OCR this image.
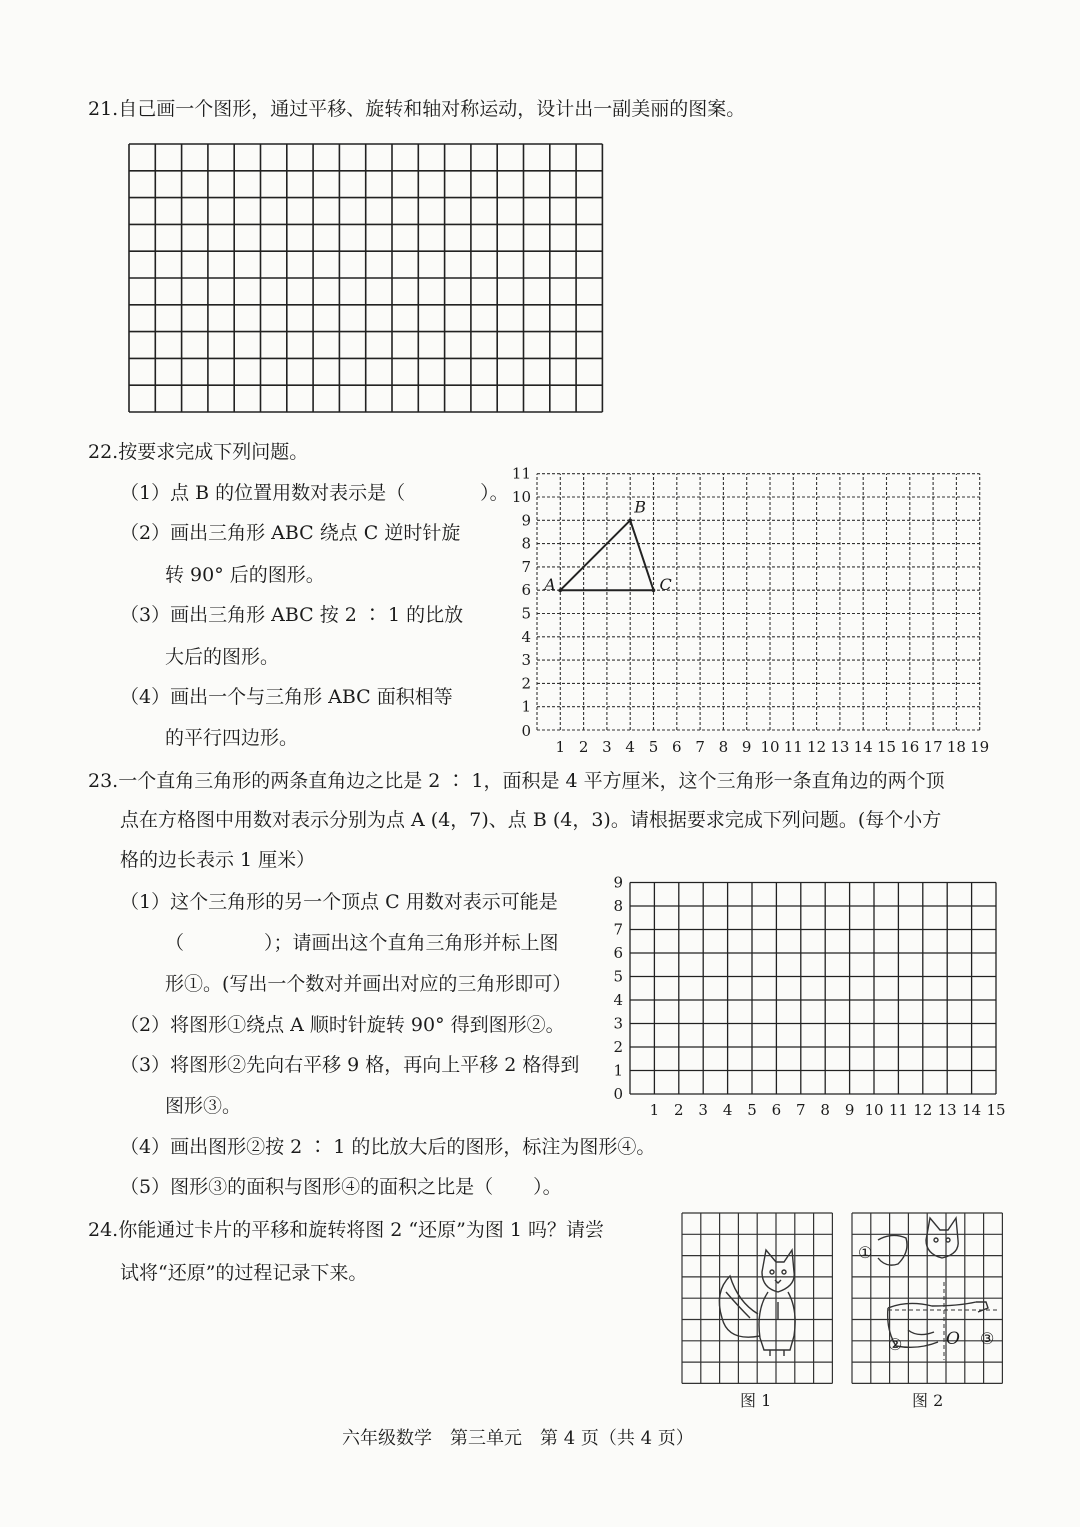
21.自己画一个图形，通过平移、旋转和轴对称运动，设计出一副美丽的图案。
22.按要求完成下列问题。
（1）点 B 的位置用数对表示是（	）。
（2）画出三角形 ABC 绕点 C 逆时针旋
转 90° 后的图形。
（3）画出三角形 ABC 按 2 ∶ 1 的比放
大后的图形。
（4）画出一个与三角形 ABC 面积相等
的平行四边形。	1 2 3 4 5 6 7 8 9 10 11 12 13 14 15 16 17 18 19
1
2
3
4
5
6
7
8
9
10
11
0
A
B
C
23.一个直角三角形的两条直角边之比是 2 ∶ 1，面积是 4 平方厘米，这个三角形一条直角边的两个顶
点在方格图中用数对表示分别为点 A (4，7)、点 B (4，3)。请根据要求完成下列问题。(每个小方
格的边长表示 1 厘米）
（1）这个三角形的另一个顶点 C 用数对表示可能是
（	）；请画出这个直角三角形并标上图
形①。(写出一个数对并画出对应的三角形即可）
（2）将图形①绕点 A 顺时针旋转 90° 得到图形②。
（3）将图形②先向右平移 9 格，再向上平移 2 格得到
图形③。
（4）画出图形②按 2 ∶ 1 的比放大后的图形，标注为图形④。
（5）图形③的面积与图形④的面积之比是（ ）。
1 2 3 4 5 6 7 8 9 10 11 12 13 14 15
1
2
3
4
5
6
7
8
9
0
24.你能通过卡片的平移和旋转将图 2 “还原”为图 1 吗？请尝
试将“还原”的过程记录下来。
图 1
①
②	③
O
图 2
六年级数学 第三单元 第 4 页（共 4 页）
